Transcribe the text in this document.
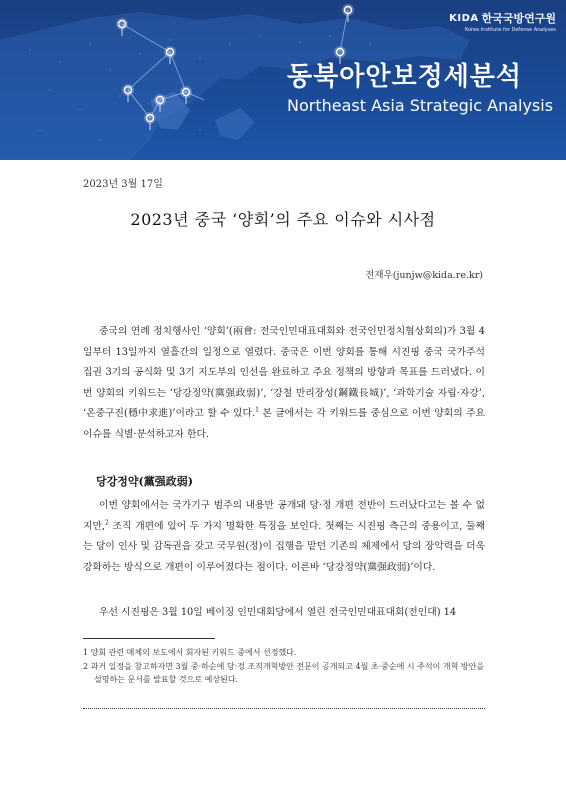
KIDA 한국국방연구원
Korea Institute for Defense Analyses
동북아안보정세분석
Northeast Asia Strategic Analysis
2023년 3월 17일
2023년 중국 ‘양회’의 주요 이슈와 시사점
전재우(junjw@kida.re.kr)

중국의 연례 정치행사인 ‘양회’(兩會: 전국인민대표대회와 전국인민정치협상회의)가 3월 4일부터 13일까지 열흘간의 일정으로 열렸다. 중국은 이번 양회를 통해 시진핑 중국 국가주석 집권 3기의 공식화 및 3기 지도부의 인선을 완료하고 주요 정책의 방향과 목표를 드러냈다. 이번 양회의 키워드는 ‘당강정약(黨强政弱)’, ‘강철 만리장성(鋼鐵長城)’, ‘과학기술 자립·자강’, ‘온중구진(穩中求進)’이라고 할 수 있다.$^1$ 본 글에서는 각 키워드를 중심으로 이번 양회의 주요 이슈를 식별·분석하고자 한다.

당강정약(黨强政弱)

이번 양회에서는 국가기구 범주의 내용만 공개돼 당·정 개편 전반이 드러났다고는 볼 수 없지만,$^2$ 조직 개편에 있어 두 가지 명확한 특징을 보인다. 첫째는 시진핑 측근의 중용이고, 둘째는 당이 인사 및 감독권을 갖고 국무원(정)이 집행을 맡던 기존의 체제에서 당의 장악력을 더욱 강화하는 방식으로 개편이 이루어졌다는 점이다. 이른바 ‘당강정약(黨强政弱)’이다.

우선 시진핑은 3월 10일 베이징 인민대회당에서 열린 전국인민대표대회(전인대) 14

1 양회 관련 매체의 보도에서 회자된 키워드 중에서 선정했다.
2 과거 일정을 참고하자면 3월 중·하순에 당·정 조직개혁방안 전문이 공개되고 4월 초·중순에 시 주석이 개혁 방안을 설명하는 문서를 발표할 것으로 예상된다.
